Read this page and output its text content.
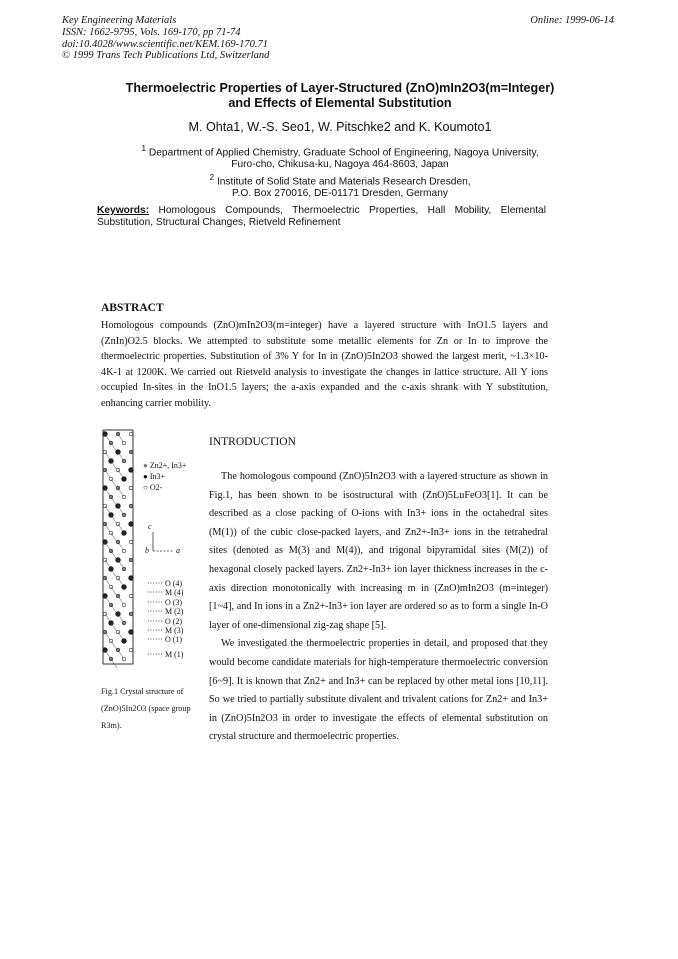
Key Engineering Materials
ISSN: 1662-9795, Vols. 169-170, pp 71-74
doi:10.4028/www.scientific.net/KEM.169-170.71
© 1999 Trans Tech Publications Ltd, Switzerland
Online: 1999-06-14
Thermoelectric Properties of Layer-Structured (ZnO)mIn2O3(m=Integer)
and Effects of Elemental Substitution
M. Ohta1, W.-S. Seo1, W. Pitschke2 and K. Koumoto1
$^1$ Department of Applied Chemistry, Graduate School of Engineering, Nagoya University,
Furo-cho, Chikusa-ku, Nagoya 464-8603, Japan
$^2$ Institute of Solid State and Materials Research Dresden,
P.O. Box 270016, DE-01171 Dresden, Germany
Keywords: Homologous Compounds, Thermoelectric Properties, Hall Mobility, Elemental Substitution, Structural Changes, Rietveld Refinement
ABSTRACT
Homologous compounds (ZnO)mIn2O3(m=integer) have a layered structure with InO1.5 layers and (ZnIn)O2.5 blocks. We attempted to substitute some metallic elements for Zn or In to improve the thermoelectric properties. Substitution of 3% Y for In in (ZnO)5In2O3 showed the largest merit, ~1.3×10-4K-1 at 1200K. We carried out Rietveld analysis to investigate the changes in lattice structure. All Y ions occupied In-sites in the InO1.5 layers; the a-axis expanded and the c-axis shrank with Y substitution, enhancing carrier mobility.
● Zn2+, In3+
● In3+
○ O2-
c
b	a
······ O (4)
······ M (4)
······ O (3)
······ M (2)
······ O (2)
······ M (3)
······ O (1)
······ M (1)
Fig.1 Crystal structure of (ZnO)5In2O3 (space group R3m).
INTRODUCTION

The homologous compound (ZnO)5In2O3 with a layered structure as shown in Fig.1, has been shown to be isostructural with (ZnO)5LuFeO3[1]. It can be described as a close packing of O-ions with In3+ ions in the octahedral sites (M(1)) of the cubic close-packed layers, and Zn2+-In3+ ions in the tetrahedral sites (denoted as M(3) and M(4)), and trigonal bipyramidal sites (M(2)) of hexagonal closely packed layers. Zn2+-In3+ ion layer thickness increases in the c-axis direction monotonically with increasing m in (ZnO)mIn2O3 (m=integer) [1~4], and In ions in a Zn2+-In3+ ion layer are ordered so as to form a single In-O layer of one-dimensional zig-zag shape [5].

We investigated the thermoelectric properties in detail, and proposed that they would become candidate materials for high-temperature thermoelectric conversion [6~9]. It is known that Zn2+ and In3+ can be replaced by other metal ions [10,11]. So we tried to partially substitute divalent and trivalent cations for Zn2+ and In3+ in (ZnO)5In2O3 in order to investigate the effects of elemental substitution on crystal structure and thermoelectric properties.
